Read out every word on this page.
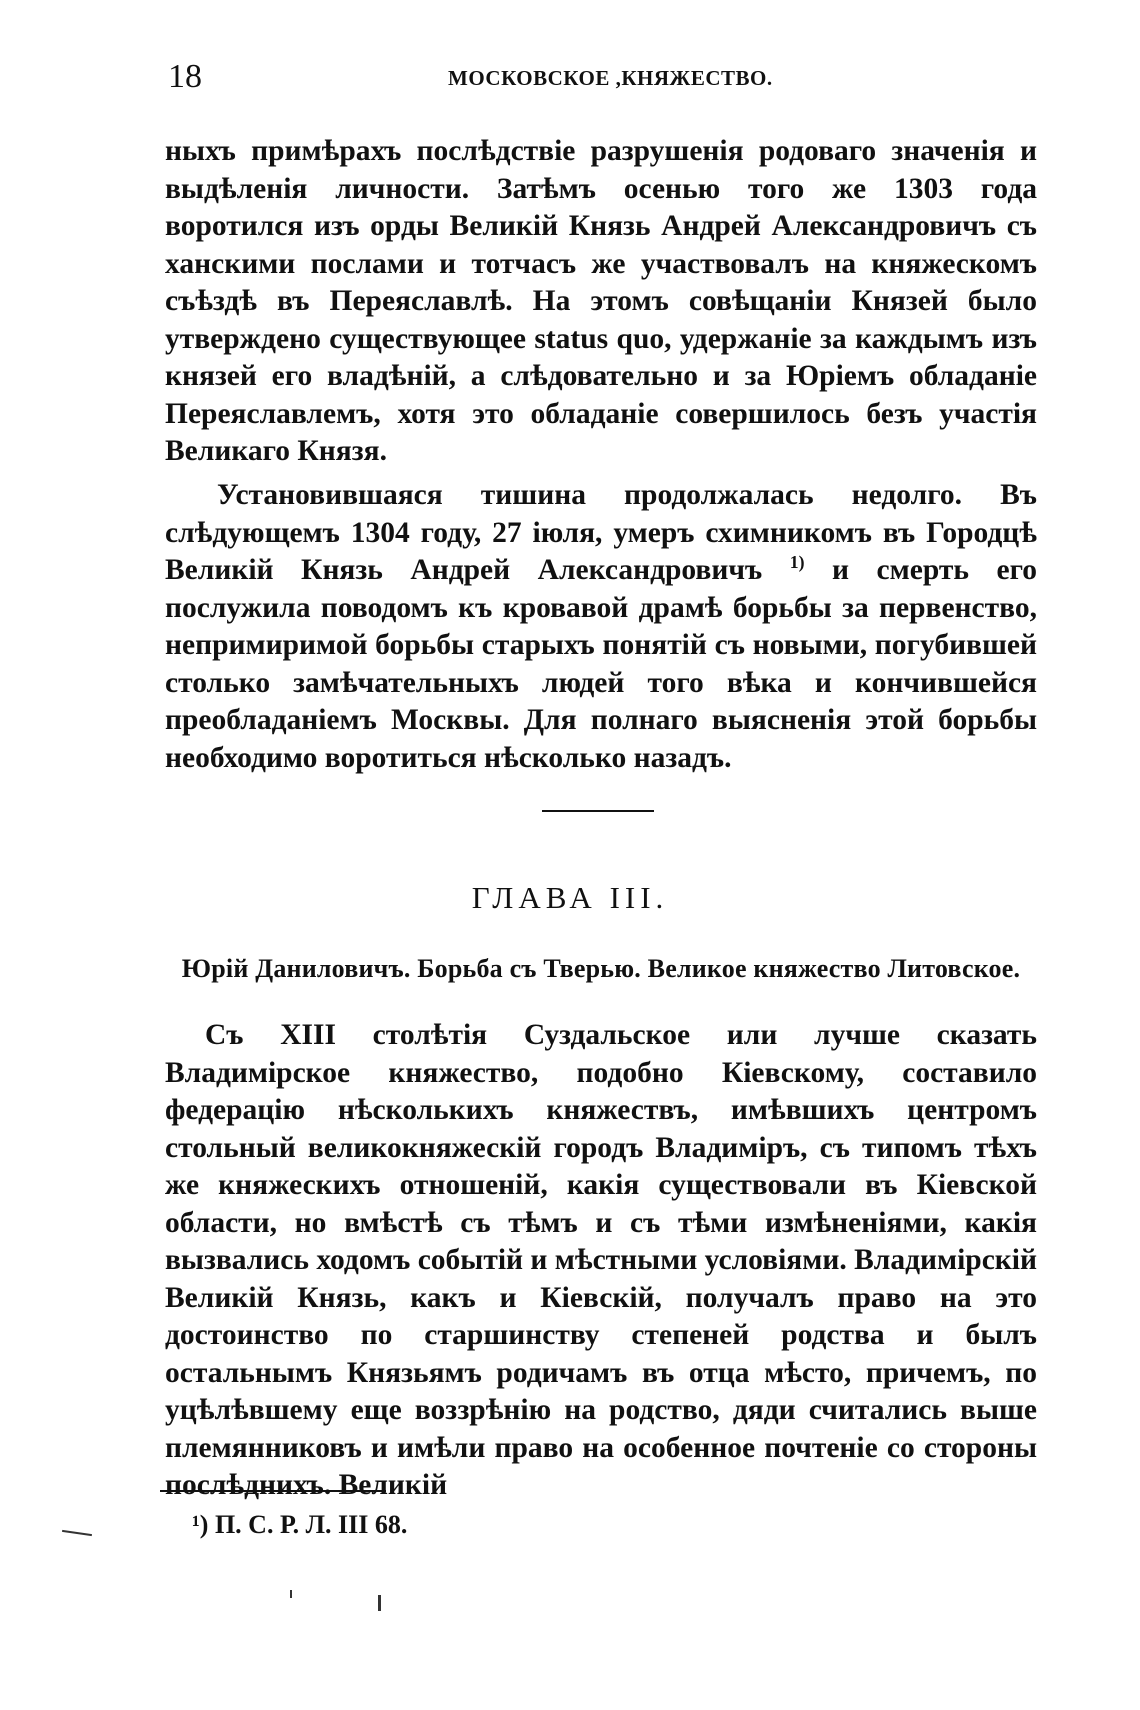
18	МОСКОВСКОЕ ,КНЯЖЕСТВО.

ныхъ примѣрахъ послѣдствіе разрушенія родоваго значенія и выдѣленія личности. Затѣмъ осенью того же 1303 года воротился изъ орды Великій Князь Андрей Александровичъ съ ханскими послами и тотчасъ же участвовалъ на княжескомъ съѣздѣ въ Переяславлѣ. На этомъ совѣщаніи Князей было утверждено существующее status quo, удержаніе за каждымъ изъ князей его владѣній, а слѣдовательно и за Юріемъ обладаніе Переяславлемъ, хотя это обладаніе совершилось безъ участія Великаго Князя.

Установившаяся тишина продолжалась недолго. Въ слѣдующемъ 1304 году, 27 іюля, умеръ схимникомъ въ Городцѣ Великій Князь Андрей Александровичъ $^{1)}$ и смерть его послужила поводомъ къ кровавой драмѣ борьбы за первенство, непримиримой борьбы старыхъ понятій съ новыми, погубившей столько замѣчательныхъ людей того вѣка и кончившейся преобладаніемъ Москвы. Для полнаго выясненія этой борьбы необходимо воротиться нѣсколько назадъ.

ГЛАВА III.
Юрій Даниловичъ. Борьба съ Тверью. Великое княжество Литовское.

Съ XIII столѣтія Суздальское или лучше сказать Владимірское княжество, подобно Кіевскому, составило федерацію нѣсколькихъ княжествъ, имѣвшихъ центромъ стольный великокняжескій городъ Владиміръ, съ типомъ тѣхъ же княжескихъ отношеній, какія существовали въ Кіевской области, но вмѣстѣ съ тѣмъ и съ тѣми измѣненіями, какія вызвались ходомъ событій и мѣстными условіями. Владимірскій Великій Князь, какъ и Кіевскій, получалъ право на это достоинство по старшинству степеней родства и былъ остальнымъ Князьямъ родичамъ въ отца мѣсто, причемъ, по уцѣлѣвшему еще воззрѣнію на родство, дяди считались выше племянниковъ и имѣли право на особенное почтеніе со стороны послѣднихъ. Великій

¹) П. С. Р. Л. III 68.
